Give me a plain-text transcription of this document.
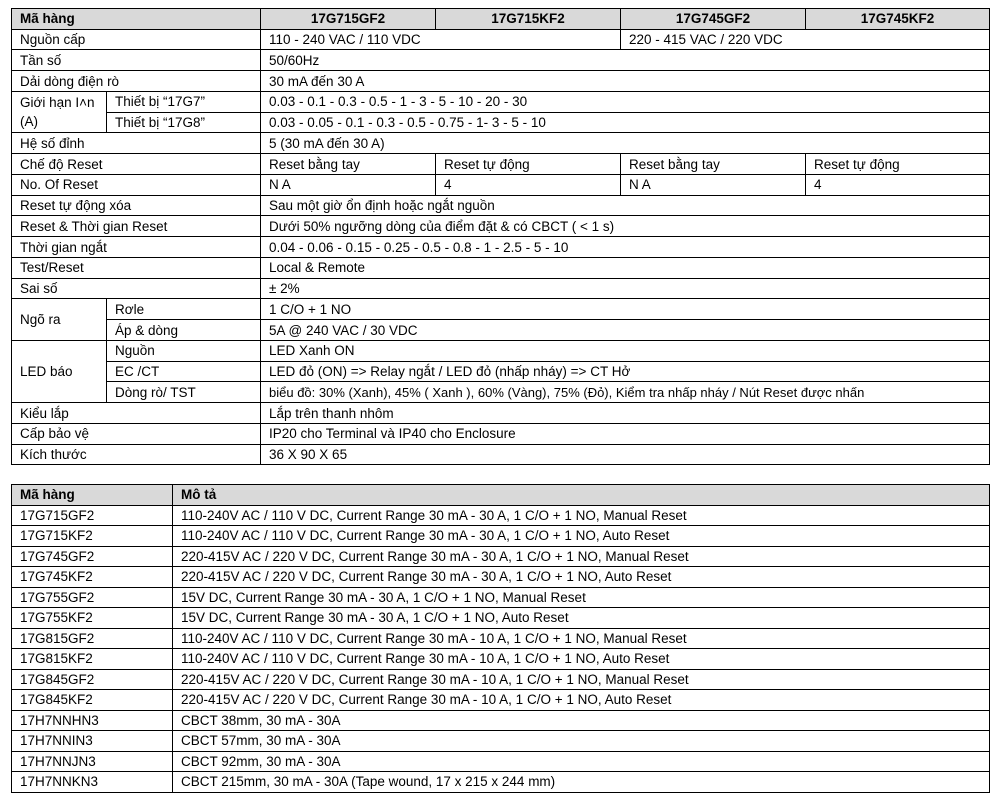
Mã hàng		17G715GF2	17G715KF2	17G745GF2	17G745KF2
Nguồn cấp		110 - 240 VAC / 110 VDC		220 - 415 VAC / 220 VDC	
Tần số		50/60Hz			
Dải dòng điện rò		30 mA đến 30 A			
Giới hạn I˄n (A)	Thiết bị “17G7”	0.03 - 0.1 - 0.3 - 0.5 - 1 - 3 - 5 - 10 - 20 - 30			
	Thiết bị “17G8”	0.03 - 0.05 - 0.1 - 0.3 - 0.5 - 0.75 - 1- 3 - 5 - 10			
Hệ số đỉnh		5 (30 mA đến 30 A)			
Chế độ Reset		Reset bằng tay	Reset tự động	Reset bằng tay	Reset tự động
No. Of Reset		N A	4	N A	4
Reset tự động xóa		Sau một giờ ổn định hoặc ngắt nguồn			
Reset & Thời gian Reset		Dưới 50% ngưỡng dòng của điểm đặt & có CBCT ( < 1 s)			
Thời gian ngắt		0.04 - 0.06 - 0.15 - 0.25 - 0.5 - 0.8 - 1 - 2.5 - 5 - 10			
Test/Reset		Local & Remote			
Sai số		± 2%			
Ngõ ra	Rơle	1 C/O + 1 NO			
	Áp & dòng	5A @ 240 VAC / 30 VDC			
LED báo	Nguồn	LED Xanh ON			
	EC /CT	LED đỏ (ON) => Relay ngắt / LED đỏ (nhấp nháy) => CT Hở			
	Dòng rò/ TST	biểu đồ: 30% (Xanh), 45% ( Xanh ), 60% (Vàng), 75% (Đỏ), Kiểm tra nhấp nháy / Nút Reset được nhấn			
Kiểu lắp		Lắp trên thanh nhôm			
Cấp bảo vệ		IP20 cho Terminal và IP40 cho Enclosure			
Kích thước		36 X 90 X 65			
Mã hàng	Mô tả
17G715GF2	110-240V AC / 110 V DC, Current Range 30 mA - 30 A, 1 C/O + 1 NO, Manual Reset
17G715KF2	110-240V AC / 110 V DC, Current Range 30 mA - 30 A, 1 C/O + 1 NO, Auto Reset
17G745GF2	220-415V AC / 220 V DC, Current Range 30 mA - 30 A, 1 C/O + 1 NO, Manual Reset
17G745KF2	220-415V AC / 220 V DC, Current Range 30 mA - 30 A, 1 C/O + 1 NO, Auto Reset
17G755GF2	15V DC, Current Range 30 mA - 30 A, 1 C/O + 1 NO, Manual Reset
17G755KF2	15V DC, Current Range 30 mA - 30 A, 1 C/O + 1 NO, Auto Reset
17G815GF2	110-240V AC / 110 V DC, Current Range 30 mA - 10 A, 1 C/O + 1 NO, Manual Reset
17G815KF2	110-240V AC / 110 V DC, Current Range 30 mA - 10 A, 1 C/O + 1 NO, Auto Reset
17G845GF2	220-415V AC / 220 V DC, Current Range 30 mA - 10 A, 1 C/O + 1 NO, Manual Reset
17G845KF2	220-415V AC / 220 V DC, Current Range 30 mA - 10 A, 1 C/O + 1 NO, Auto Reset
17H7NNHN3	CBCT 38mm, 30 mA - 30A
17H7NNIN3	CBCT 57mm, 30 mA - 30A
17H7NNJN3	CBCT 92mm, 30 mA - 30A
17H7NNKN3	CBCT 215mm, 30 mA - 30A (Tape wound, 17 x 215 x 244 mm)
